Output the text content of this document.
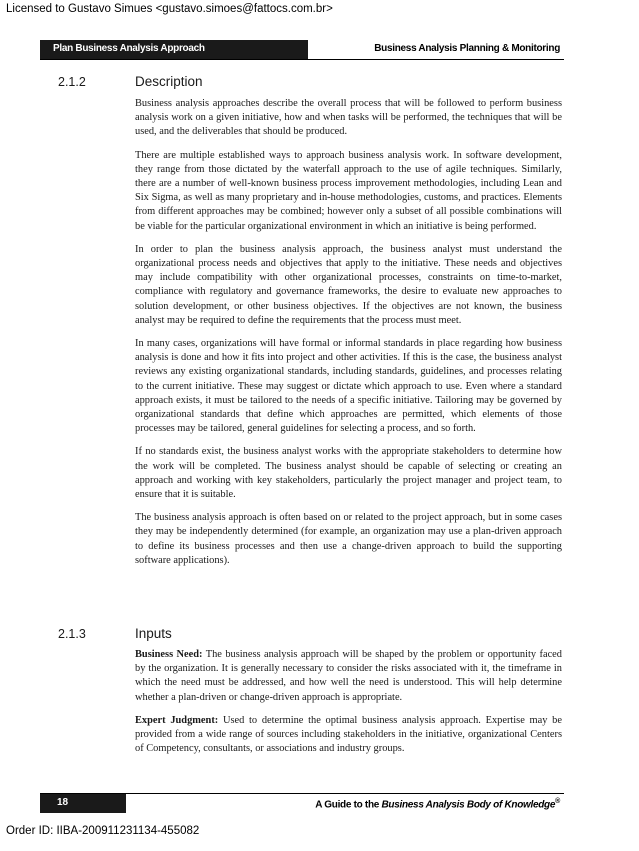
Licensed to Gustavo Simues <gustavo.simoes@fattocs.com.br>
Plan Business Analysis Approach	Business Analysis Planning & Monitoring
2.1.2	Description

Business analysis approaches describe the overall process that will be followed to perform business analysis work on a given initiative, how and when tasks will be performed, the techniques that will be used, and the deliverables that should be produced.

There are multiple established ways to approach business analysis work. In software development, they range from those dictated by the waterfall approach to the use of agile techniques. Similarly, there are a number of well-known business process improvement methodologies, including Lean and Six Sigma, as well as many proprietary and in-house methodologies, customs, and practices. Elements from different approaches may be combined; however only a subset of all possible combinations will be viable for the particular organizational environment in which an initiative is being performed.

In order to plan the business analysis approach, the business analyst must understand the organizational process needs and objectives that apply to the initiative. These needs and objectives may include compatibility with other organizational processes, constraints on time-to-market, compliance with regulatory and governance frameworks, the desire to evaluate new approaches to solution development, or other business objectives. If the objectives are not known, the business analyst may be required to define the requirements that the process must meet.

In many cases, organizations will have formal or informal standards in place regarding how business analysis is done and how it fits into project and other activities. If this is the case, the business analyst reviews any existing organizational standards, including standards, guidelines, and processes relating to the current initiative. These may suggest or dictate which approach to use. Even where a standard approach exists, it must be tailored to the needs of a specific initiative. Tailoring may be governed by organizational standards that define which approaches are permitted, which elements of those processes may be tailored, general guidelines for selecting a process, and so forth.

If no standards exist, the business analyst works with the appropriate stakeholders to determine how the work will be completed. The business analyst should be capable of selecting or creating an approach and working with key stakeholders, particularly the project manager and project team, to ensure that it is suitable.

The business analysis approach is often based on or related to the project approach, but in some cases they may be independently determined (for example, an organization may use a plan-driven approach to define its business processes and then use a change-driven approach to build the supporting software applications).

2.1.3	Inputs

Business Need: The business analysis approach will be shaped by the problem or opportunity faced by the organization. It is generally necessary to consider the risks associated with it, the timeframe in which the need must be addressed, and how well the need is understood. This will help determine whether a plan-driven or change-driven approach is appropriate.

Expert Judgment: Used to determine the optimal business analysis approach. Expertise may be provided from a wide range of sources including stakeholders in the initiative, organizational Centers of Competency, consultants, or associations and industry groups.

18	A Guide to the Business Analysis Body of Knowledge®
Order ID: IIBA-200911231134-455082
